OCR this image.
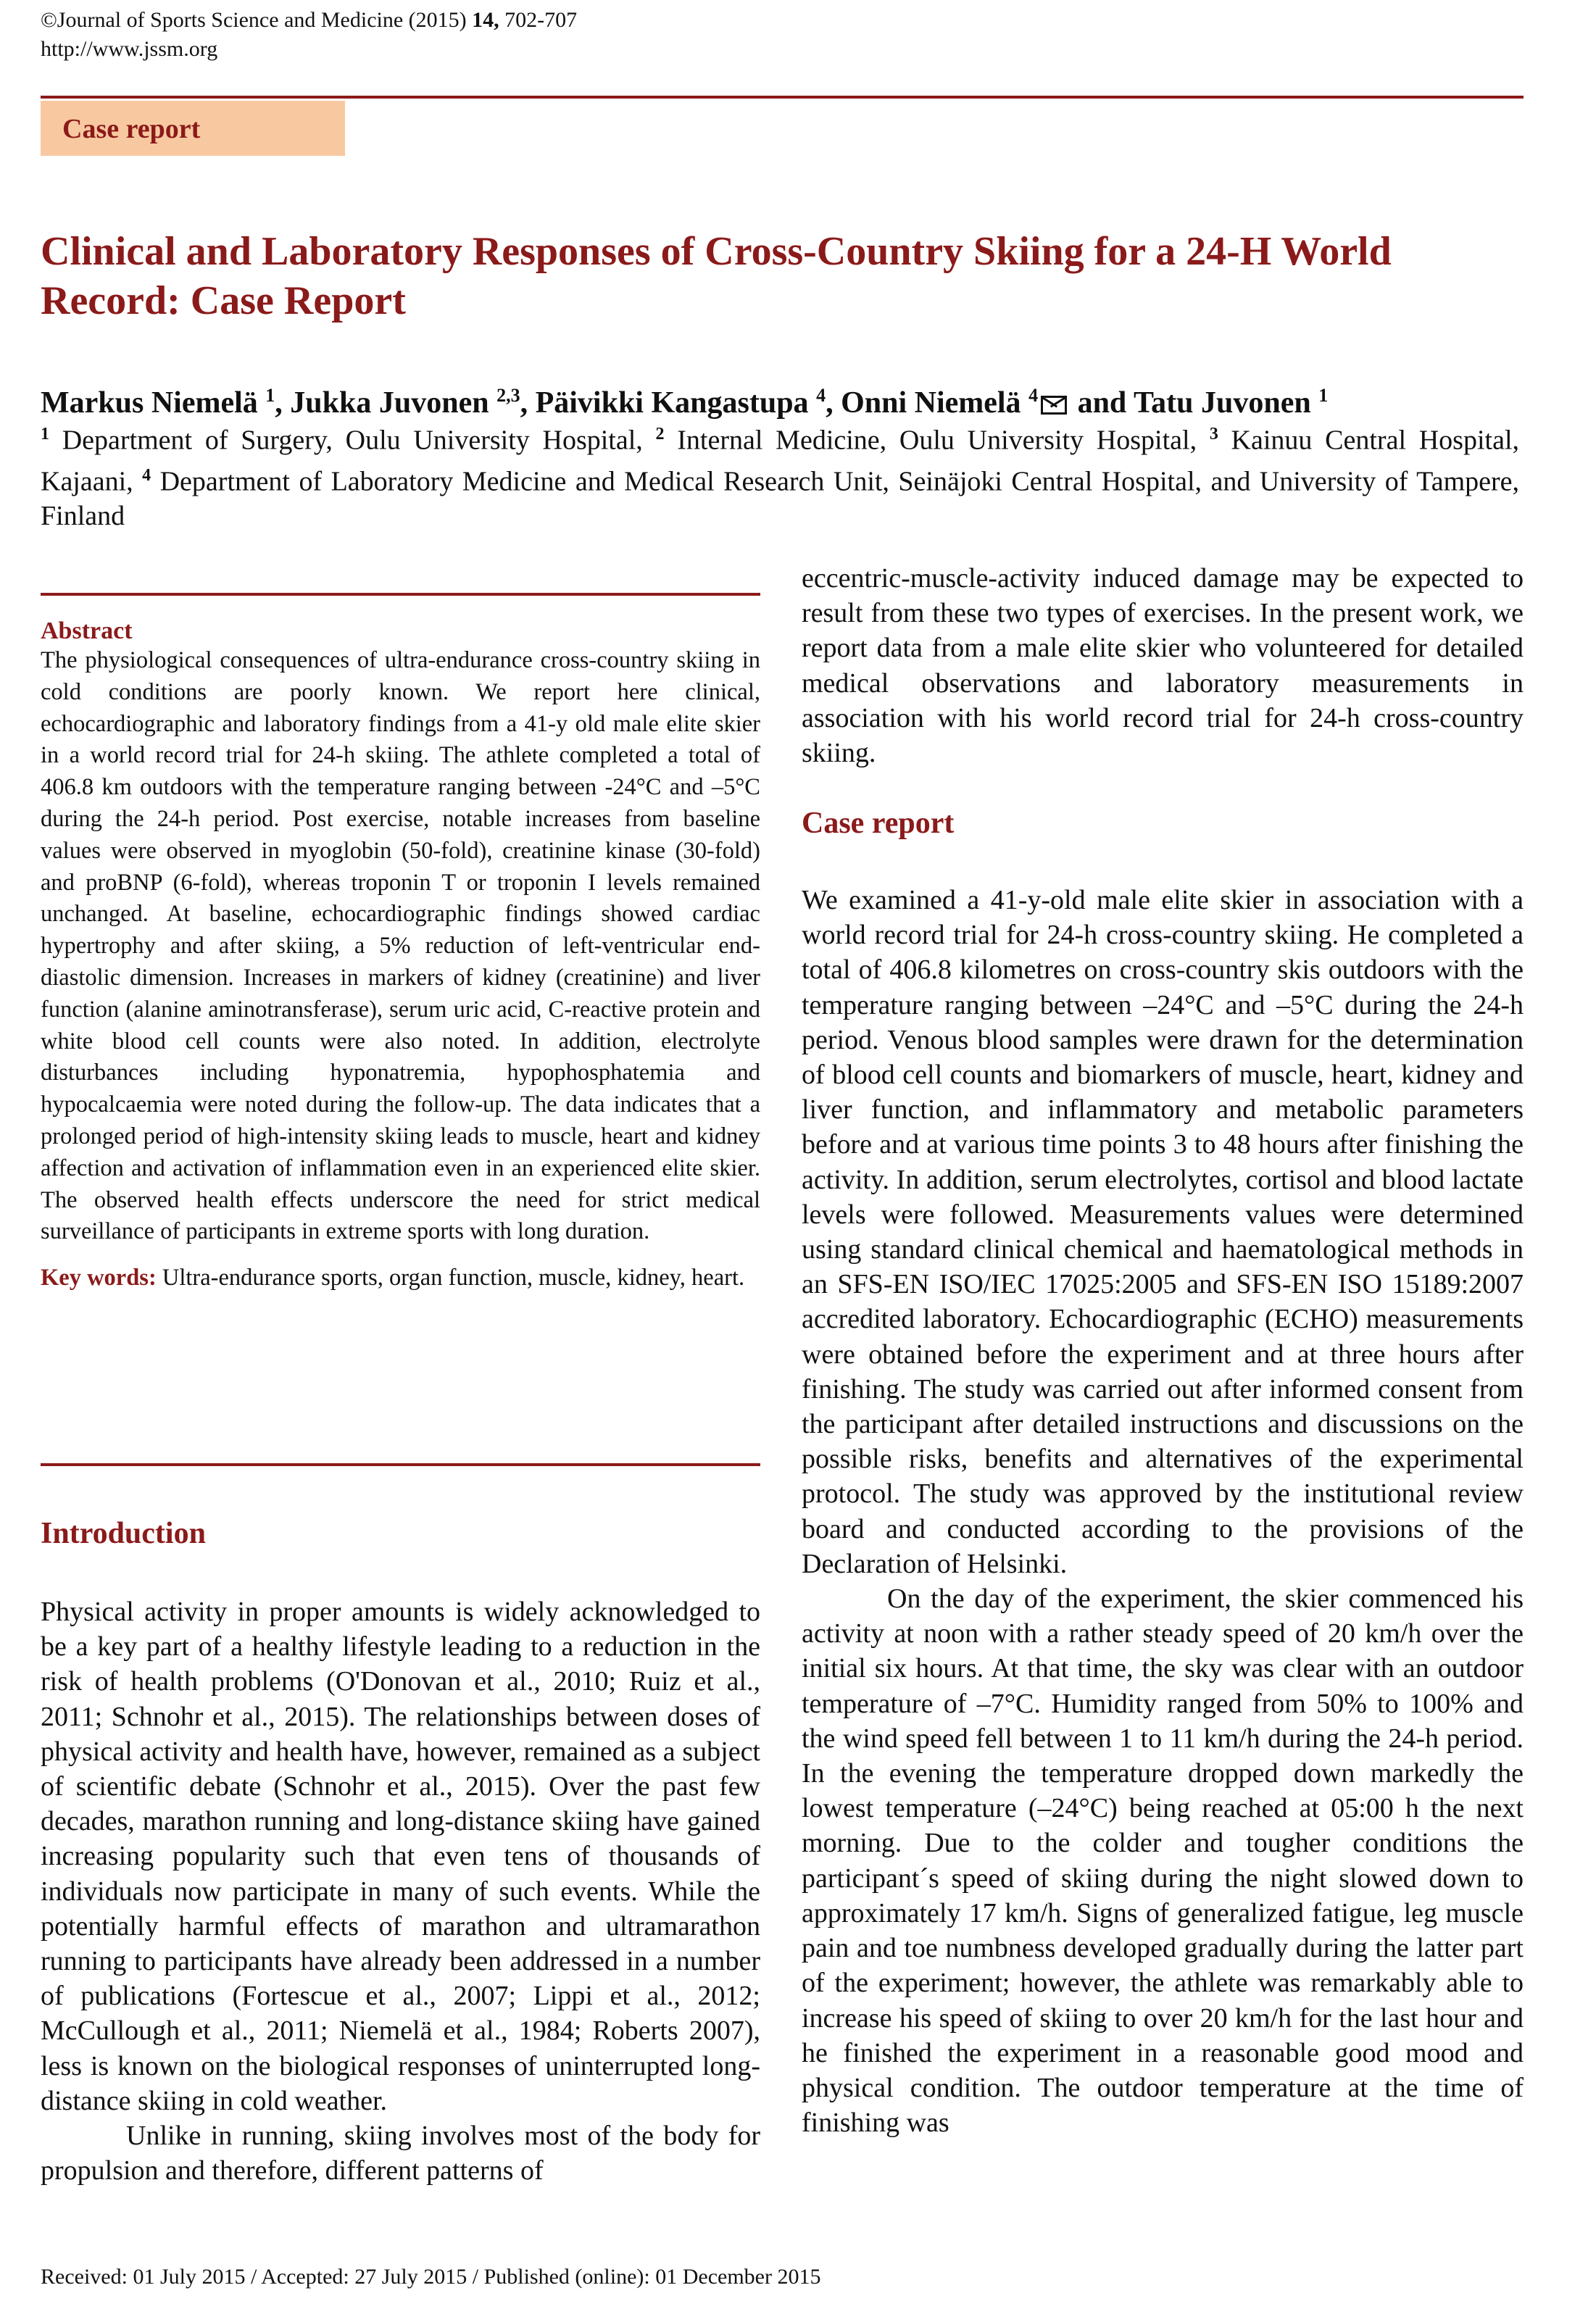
©Journal of Sports Science and Medicine (2015) 14, 702-707
http://www.jssm.org
Case report
Clinical and Laboratory Responses of Cross-Country Skiing for a 24-H World Record: Case Report
Markus Niemelä $^1$, Jukka Juvonen $^{2,3}$, Päivikki Kangastupa $^4$, Onni Niemelä $^4$ and Tatu Juvonen $^1$
$^1$ Department of Surgery, Oulu University Hospital, $^2$ Internal Medicine, Oulu University Hospital, $^3$ Kainuu Central Hospital, Kajaani, $^4$ Department of Laboratory Medicine and Medical Research Unit, Seinäjoki Central Hospital, and University of Tampere, Finland
Abstract
The physiological consequences of ultra-endurance cross-country skiing in cold conditions are poorly known. We report here clinical, echocardiographic and laboratory findings from a 41-y old male elite skier in a world record trial for 24-h skiing. The athlete completed a total of 406.8 km outdoors with the temperature ranging between -24°C and –5°C during the 24-h period. Post exercise, notable increases from baseline values were observed in myoglobin (50-fold), creatinine kinase (30-fold) and proBNP (6-fold), whereas troponin T or troponin I levels remained unchanged. At baseline, echocardiographic findings showed cardiac hypertrophy and after skiing, a 5% reduction of left-ventricular end-diastolic dimension. Increases in markers of kidney (creatinine) and liver function (alanine aminotransferase), serum uric acid, C-reactive protein and white blood cell counts were also noted. In addition, electrolyte disturbances including hyponatremia, hypophosphatemia and hypocalcaemia were noted during the follow-up. The data indicates that a prolonged period of high-intensity skiing leads to muscle, heart and kidney affection and activation of inflammation even in an experienced elite skier. The observed health effects underscore the need for strict medical surveillance of participants in extreme sports with long duration.
Key words: Ultra-endurance sports, organ function, muscle, kidney, heart.
Introduction
Physical activity in proper amounts is widely acknowledged to be a key part of a healthy lifestyle leading to a reduction in the risk of health problems (O'Donovan et al., 2010; Ruiz et al., 2011; Schnohr et al., 2015). The relationships between doses of physical activity and health have, however, remained as a subject of scientific debate (Schnohr et al., 2015). Over the past few decades, marathon running and long-distance skiing have gained increasing popularity such that even tens of thousands of individuals now participate in many of such events. While the potentially harmful effects of marathon and ultramarathon running to participants have already been addressed in a number of publications (Fortescue et al., 2007; Lippi et al., 2012; McCullough et al., 2011; Niemelä et al., 1984; Roberts 2007), less is known on the biological responses of uninterrupted long-distance skiing in cold weather.
Unlike in running, skiing involves most of the body for propulsion and therefore, different patterns of
eccentric-muscle-activity induced damage may be expected to result from these two types of exercises. In the present work, we report data from a male elite skier who volunteered for detailed medical observations and laboratory measurements in association with his world record trial for 24-h cross-country skiing.
Case report
We examined a 41-y-old male elite skier in association with a world record trial for 24-h cross-country skiing. He completed a total of 406.8 kilometres on cross-country skis outdoors with the temperature ranging between –24°C and –5°C during the 24-h period. Venous blood samples were drawn for the determination of blood cell counts and biomarkers of muscle, heart, kidney and liver function, and inflammatory and metabolic parameters before and at various time points 3 to 48 hours after finishing the activity. In addition, serum electrolytes, cortisol and blood lactate levels were followed. Measurements values were determined using standard clinical chemical and haematological methods in an SFS-EN ISO/IEC 17025:2005 and SFS-EN ISO 15189:2007 accredited laboratory. Echocardiographic (ECHO) measurements were obtained before the experiment and at three hours after finishing. The study was carried out after informed consent from the participant after detailed instructions and discussions on the possible risks, benefits and alternatives of the experimental protocol. The study was approved by the institutional review board and conducted according to the provisions of the Declaration of Helsinki.
On the day of the experiment, the skier commenced his activity at noon with a rather steady speed of 20 km/h over the initial six hours. At that time, the sky was clear with an outdoor temperature of –7°C. Humidity ranged from 50% to 100% and the wind speed fell between 1 to 11 km/h during the 24-h period. In the evening the temperature dropped down markedly the lowest temperature (–24°C) being reached at 05:00 h the next morning. Due to the colder and tougher conditions the participant´s speed of skiing during the night slowed down to approximately 17 km/h. Signs of generalized fatigue, leg muscle pain and toe numbness developed gradually during the latter part of the experiment; however, the athlete was remarkably able to increase his speed of skiing to over 20 km/h for the last hour and he finished the experiment in a reasonable good mood and physical condition. The outdoor temperature at the time of finishing was
Received: 01 July 2015 / Accepted: 27 July 2015 / Published (online): 01 December 2015
